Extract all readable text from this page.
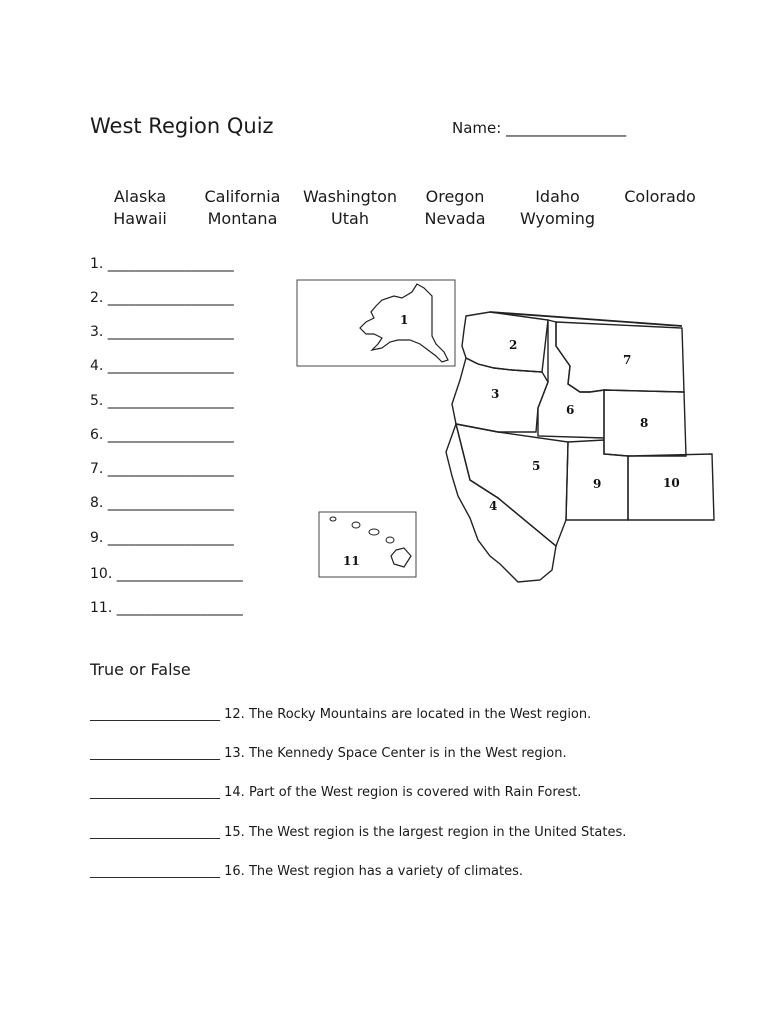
West Region Quiz	Name: ________________
Alaska	California	Washington	Oregon	Idaho	Colorado
Hawaii	Montana	Utah	Nevada	Wyoming
1. __________________
2. __________________
3. __________________
4. __________________
5. __________________
6. __________________
7. __________________
8. __________________
9. __________________
10. __________________
11. __________________
1
2
3
4
5
6
7
8
9	10
11
True or False
____________________ 12. The Rocky Mountains are located in the West region.
____________________ 13. The Kennedy Space Center is in the West region.
____________________ 14. Part of the West region is covered with Rain Forest.
____________________ 15. The West region is the largest region in the United States.
____________________ 16. The West region has a variety of climates.
